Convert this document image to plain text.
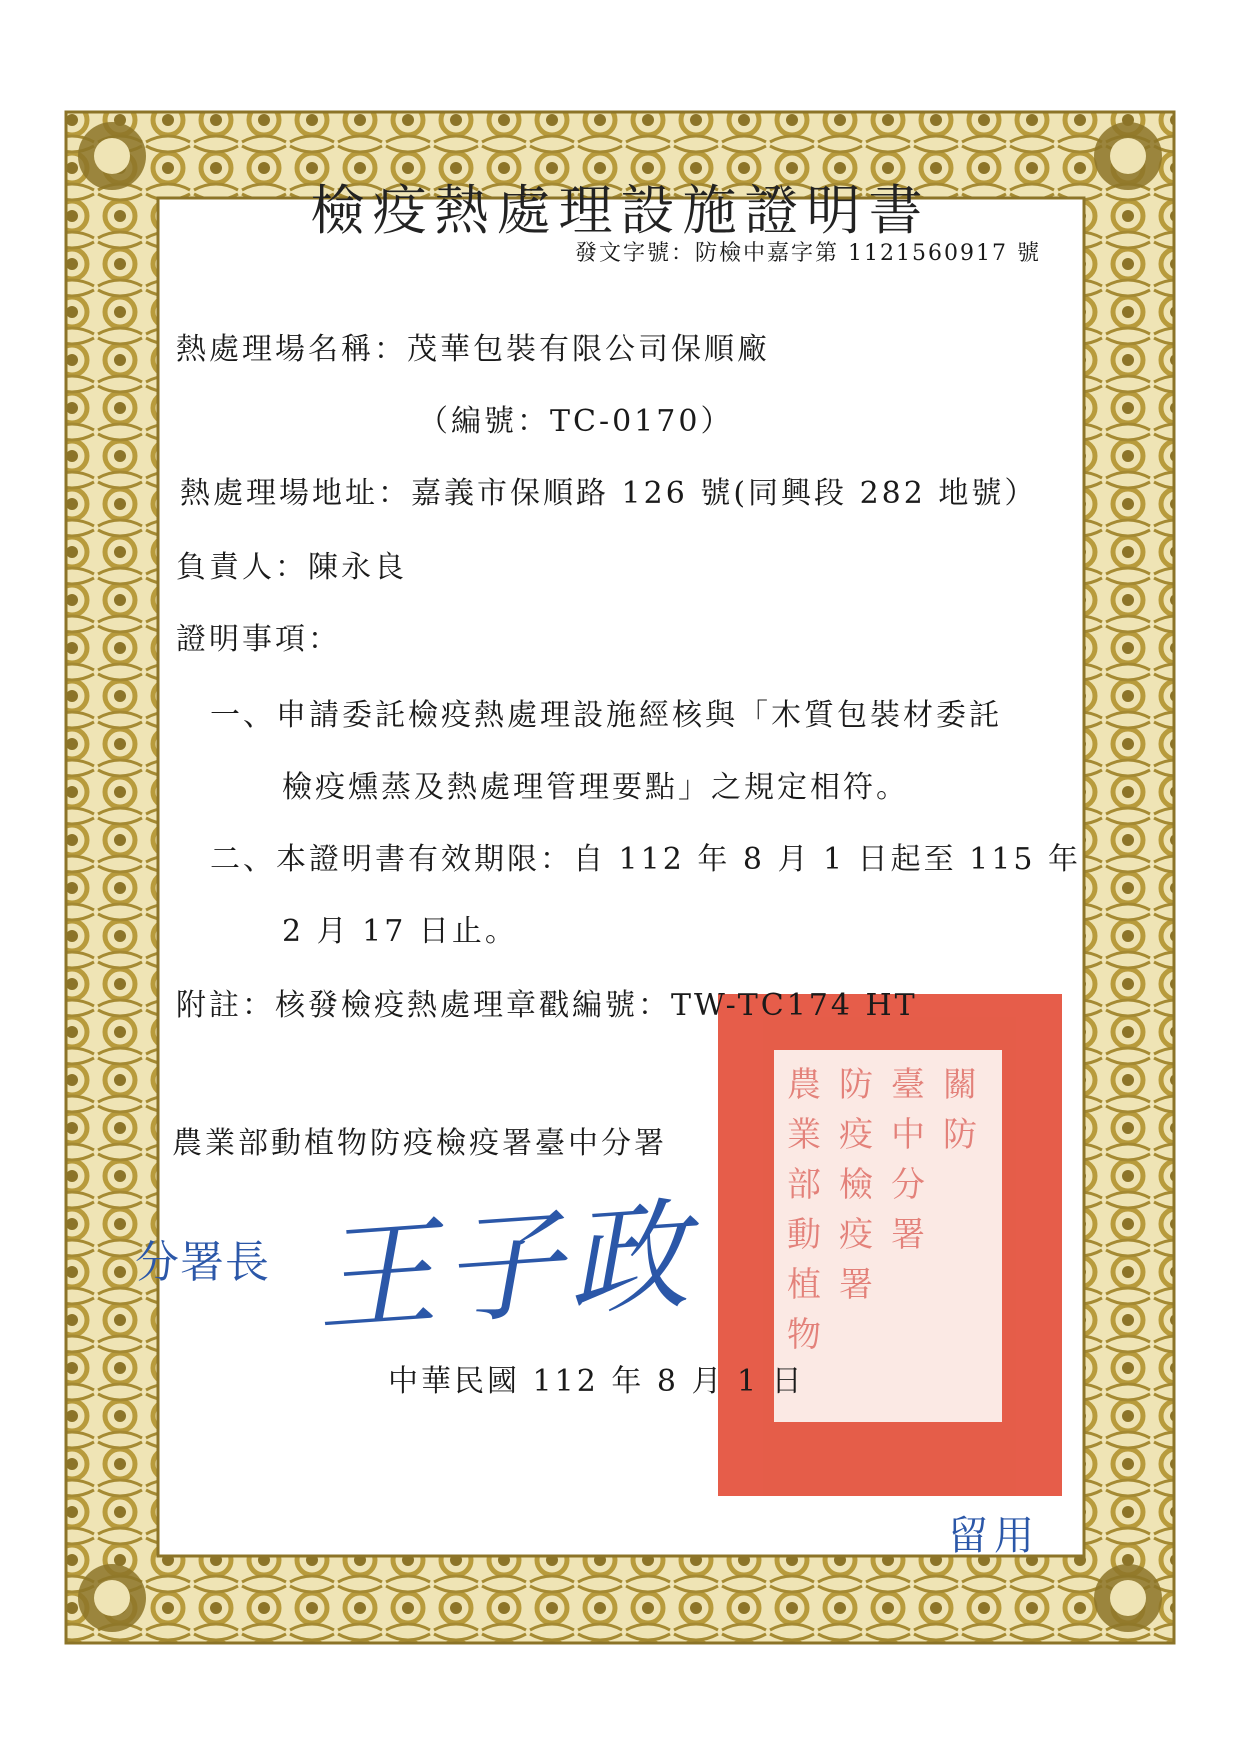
農業部動植物
防疫檢疫署
臺中分署
關防
檢疫熱處理設施證明書
發文字號：防檢中嘉字第 1121560917 號
熱處理場名稱：茂華包裝有限公司保順廠
（編號：TC-0170）
熱處理場地址：嘉義市保順路 126 號(同興段 282 地號）
負責人：陳永良
證明事項：
一、申請委託檢疫熱處理設施經核與「木質包裝材委託
檢疫燻蒸及熱處理管理要點」之規定相符。
二、本證明書有效期限：自 112 年 8 月 1 日起至 115 年
2 月 17 日止。
附註：核發檢疫熱處理章戳編號：TW-TC174 HT
農業部動植物防疫檢疫署臺中分署
分署長 王子政
中華民國 112 年 8 月 1 日
留用
